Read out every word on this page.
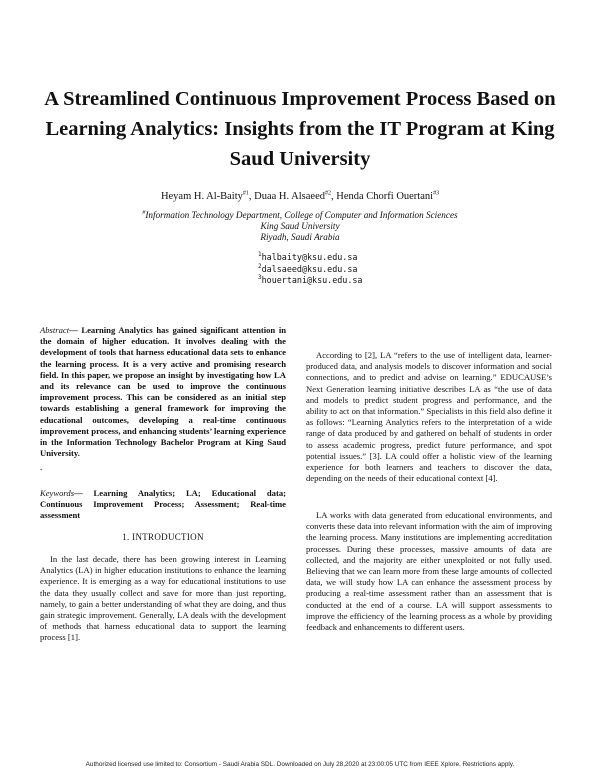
A Streamlined Continuous Improvement Process Based on Learning Analytics: Insights from the IT Program at King Saud University
Heyam H. Al-Baity$^{\#1}$, Duaa H. Alsaeed$^{\#2}$, Henda Chorfi Ouertani$^{\#3}$
#Information Technology Department, College of Computer and Information Sciences
King Saud University
Riyadh, Saudi Arabia
$^1$halbaity@ksu.edu.sa
$^2$dalsaeed@ksu.edu.sa
$^3$houertani@ksu.edu.sa
Abstract— Learning Analytics has gained significant attention in the domain of higher education. It involves dealing with the development of tools that harness educational data sets to enhance the learning process. It is a very active and promising research field. In this paper, we propose an insight by investigating how LA and its relevance can be used to improve the continuous improvement process. This can be considered as an initial step towards establishing a general framework for improving the educational outcomes, developing a real-time continuous improvement process, and enhancing students’ learning experience in the Information Technology Bachelor Program at King Saud University.
.
Keywords— Learning Analytics; LA; Educational data; Continuous Improvement Process; Assessment; Real-time assessment
1. INTRODUCTION
In the last decade, there has been growing interest in Learning Analytics (LA) in higher education institutions to enhance the learning experience. It is emerging as a way for educational institutions to use the data they usually collect and save for more than just reporting, namely, to gain a better understanding of what they are doing, and thus gain strategic improvement. Generally, LA deals with the development of methods that harness educational data to support the learning process [1].
According to [2], LA “refers to the use of intelligent data, learner-produced data, and analysis models to discover information and social connections, and to predict and advise on learning.” EDUCAUSE’s Next Generation learning initiative describes LA as “the use of data and models to predict student progress and performance, and the ability to act on that information.” Specialists in this field also define it as follows: “Learning Analytics refers to the interpretation of a wide range of data produced by and gathered on behalf of students in order to assess academic progress, predict future performance, and spot potential issues.” [3]. LA could offer a holistic view of the learning experience for both learners and teachers to discover the data, depending on the needs of their educational context [4].
LA works with data generated from educational environments, and converts these data into relevant information with the aim of improving the learning process. Many institutions are implementing accreditation processes. During these processes, massive amounts of data are collected, and the majority are either unexploited or not fully used. Believing that we can learn more from these large amounts of collected data, we will study how LA can enhance the assessment process by producing a real-time assessment rather than an assessment that is conducted at the end of a course. LA will support assessments to improve the efficiency of the learning process as a whole by providing feedback and enhancements to different users.
Authorized licensed use limited to: Consortium - Saudi Arabia SDL. Downloaded on July 28,2020 at 23:00:05 UTC from IEEE Xplore. Restrictions apply.
